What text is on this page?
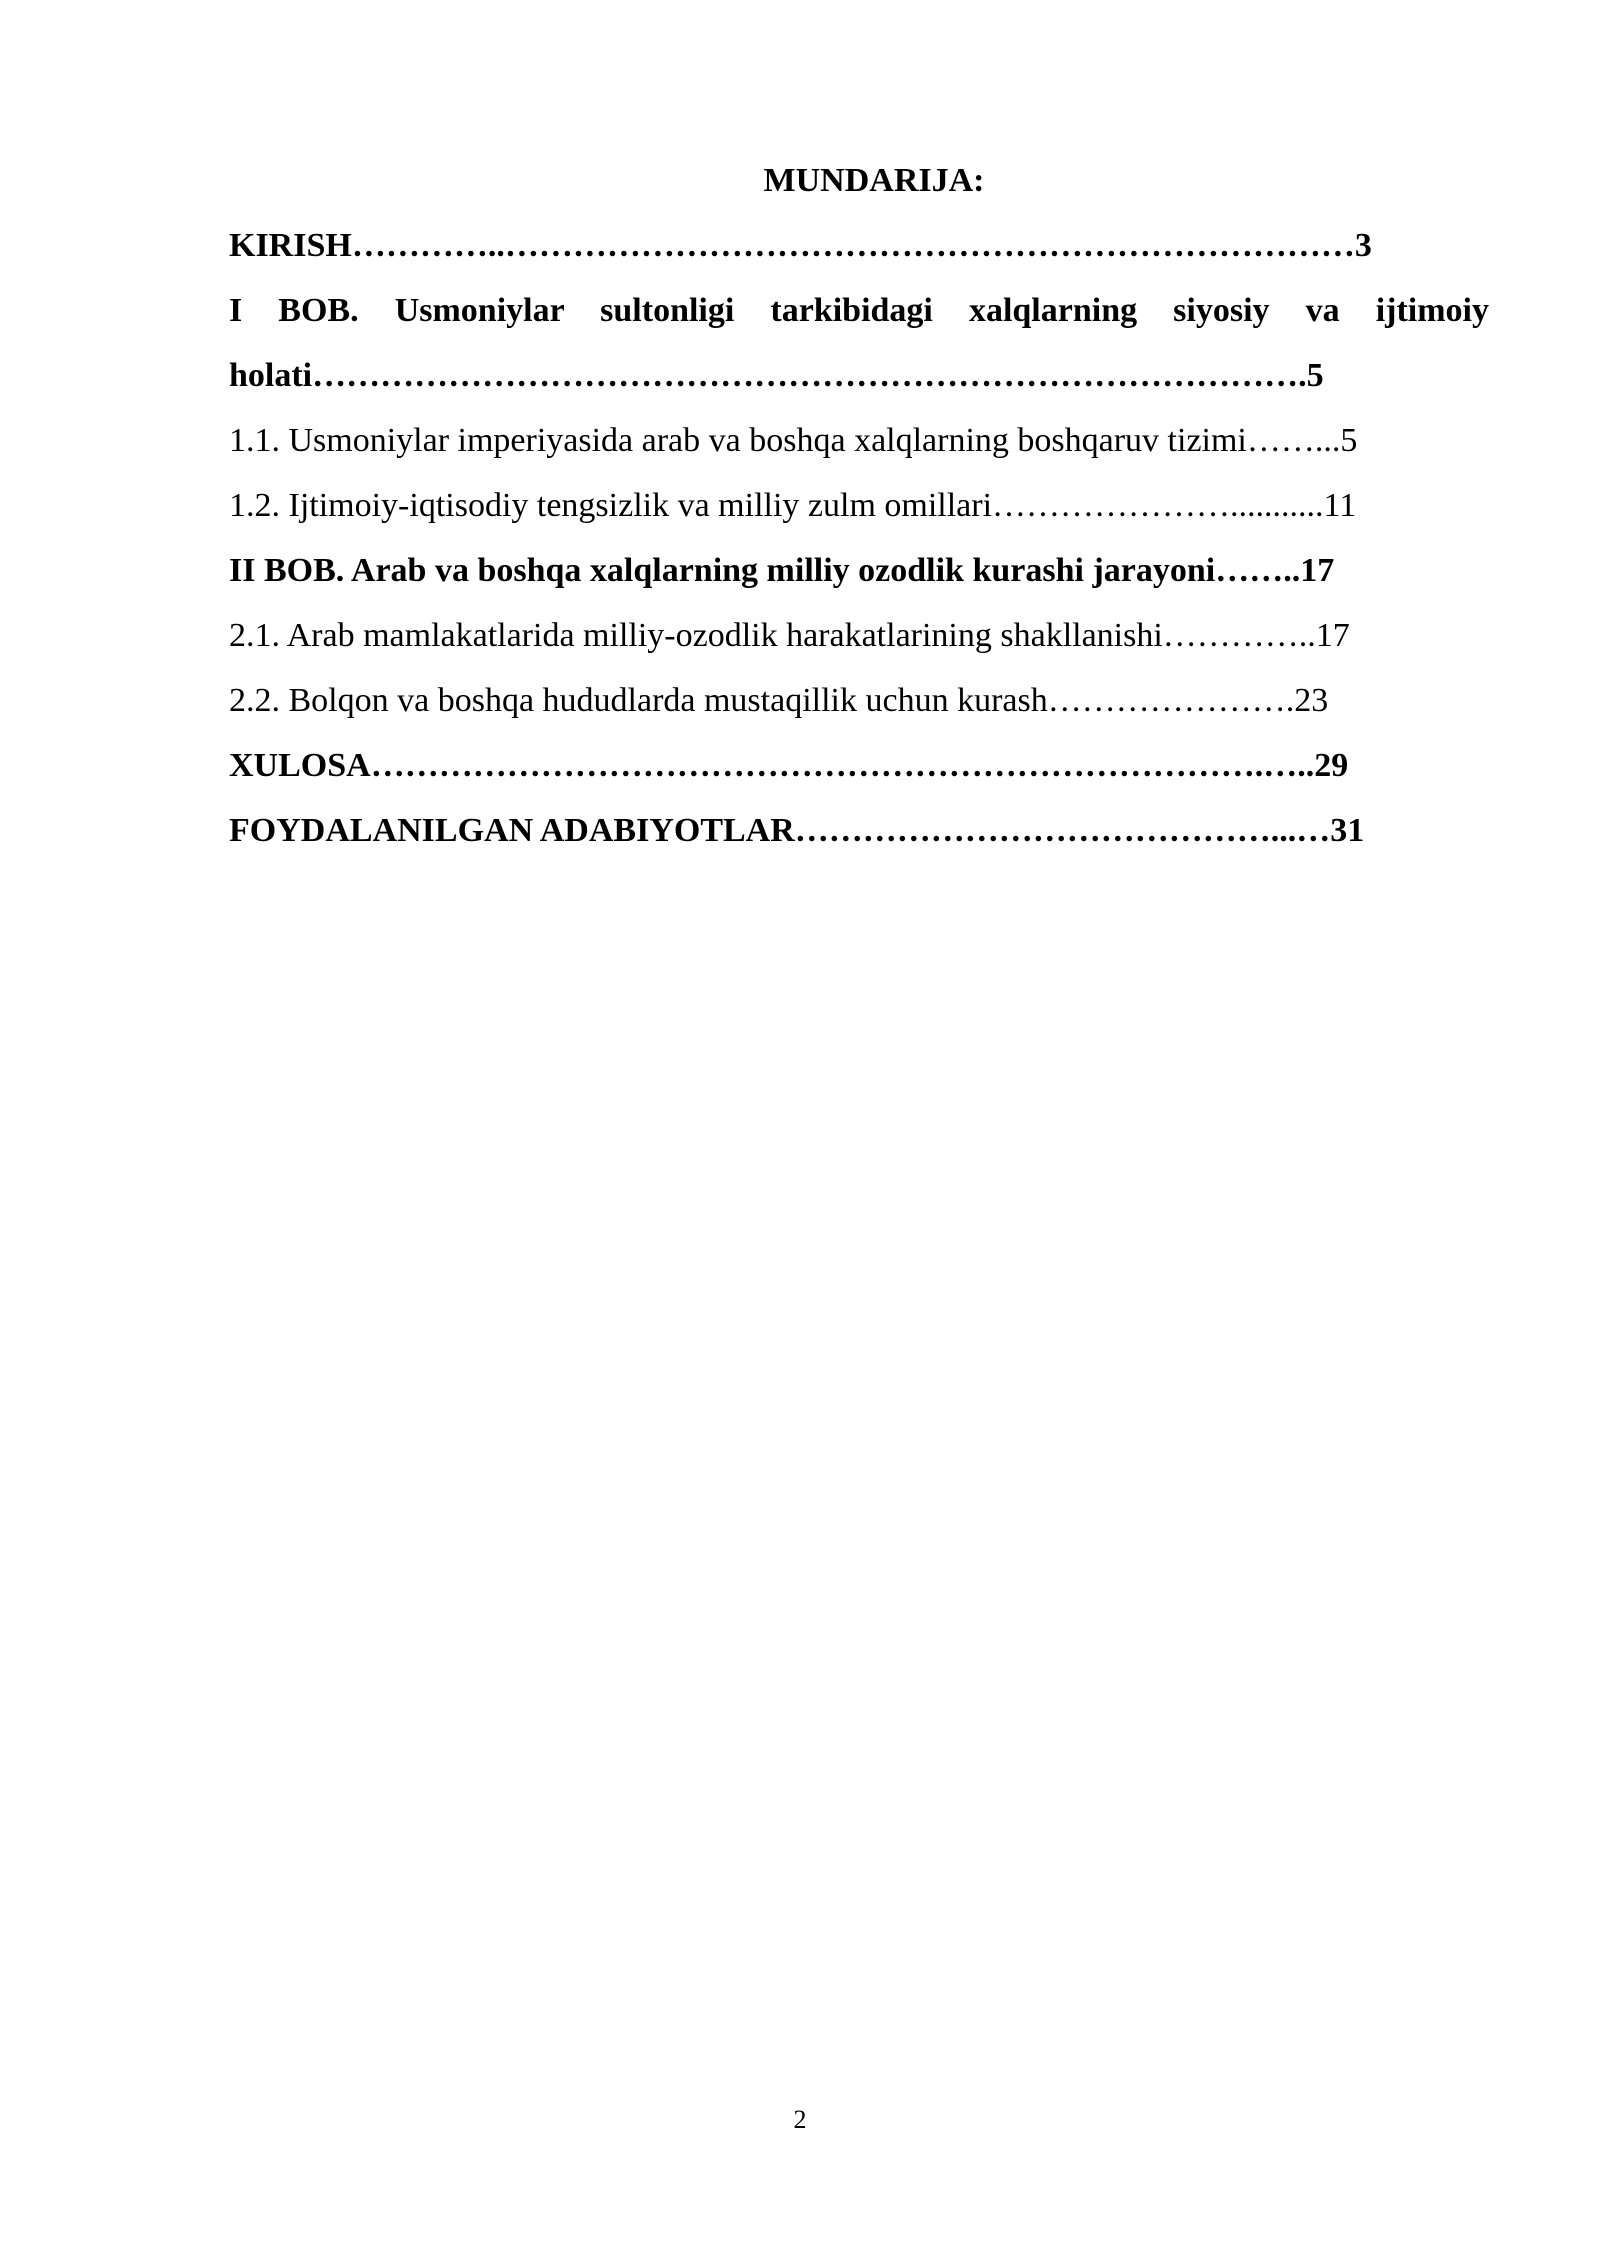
MUNDARIJA:
KIRISH…………..…………………………………………………………………3
I BOB. Usmoniylar sultonligi tarkibidagi xalqlarning siyosiy va ijtimoiy
holati…………………………………………………………………………….5
1.1. Usmoniylar imperiyasida arab va boshqa xalqlarning boshqaruv tizimi……...5
1.2. Ijtimoiy-iqtisodiy tengsizlik va milliy zulm omillari…………………...........11
II BOB. Arab va boshqa xalqlarning milliy ozodlik kurashi jarayoni……..17
2.1. Arab mamlakatlarida milliy-ozodlik harakatlarining shakllanishi…………..17
2.2. Bolqon va boshqa hududlarda mustaqillik uchun kurash………………….23
XULOSA…………………………………………………………………….…..29
FOYDALANILGAN ADABIYOTLAR……………………………………...…31
2
